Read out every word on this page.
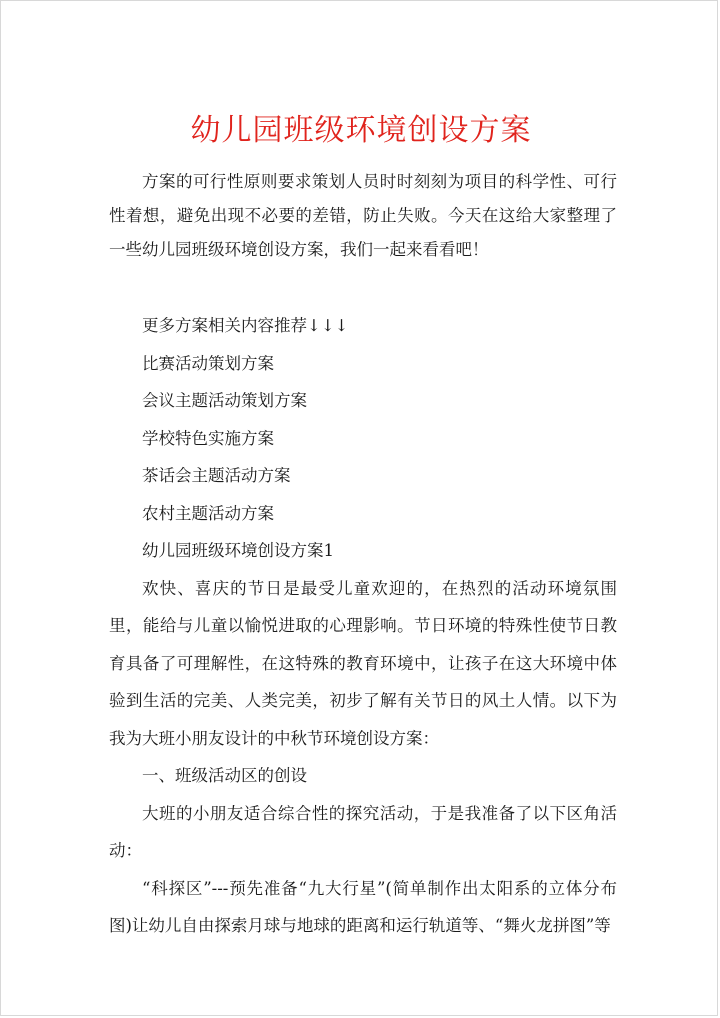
幼儿园班级环境创设方案

方案的可行性原则要求策划人员时时刻刻为项目的科学性、可行性着想，避免出现不必要的差错，防止失败。今天在这给大家整理了一些幼儿园班级环境创设方案，我们一起来看看吧！

更多方案相关内容推荐↓↓↓

比赛活动策划方案

会议主题活动策划方案

学校特色实施方案

茶话会主题活动方案

农村主题活动方案

幼儿园班级环境创设方案1

欢快、喜庆的节日是最受儿童欢迎的，在热烈的活动环境氛围里，能给与儿童以愉悦进取的心理影响。节日环境的特殊性使节日教育具备了可理解性，在这特殊的教育环境中，让孩子在这大环境中体验到生活的完美、人类完美，初步了解有关节日的风土人情。以下为我为大班小朋友设计的中秋节环境创设方案：

一、班级活动区的创设

大班的小朋友适合综合性的探究活动，于是我准备了以下区角活动：

“科探区”---预先准备“九大行星”(简单制作出太阳系的立体分布图)让幼儿自由探索月球与地球的距离和运行轨道等、“舞火龙拼图”等
